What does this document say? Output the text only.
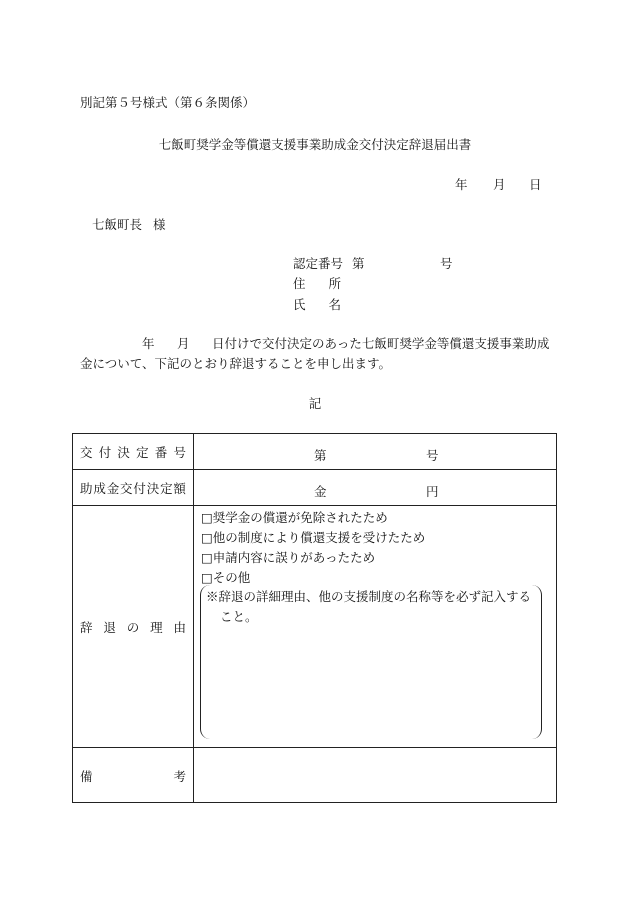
別記第５号様式（第６条関係）
七飯町奨学金等償還支援事業助成金交付決定辞退届出書
年 月 日
七飯町長 様
認定番号 第	号
住 所
氏 名
年 月 日付けで交付決定のあった七飯町奨学金等償還支援事業助成
金について、下記のとおり辞退することを申し出ます。
記
交 付 決 定 番 号	第	号
助 成 金 交 付 決 定 額	金	円
辞 退 の 理 由
□奨学金の償還が免除されたため
□他の制度により償還支援を受けたため
□申請内容に誤りがあったため
□その他
※辞退の詳細理由、他の支援制度の名称等を必ず記入する
こと。
備	考
